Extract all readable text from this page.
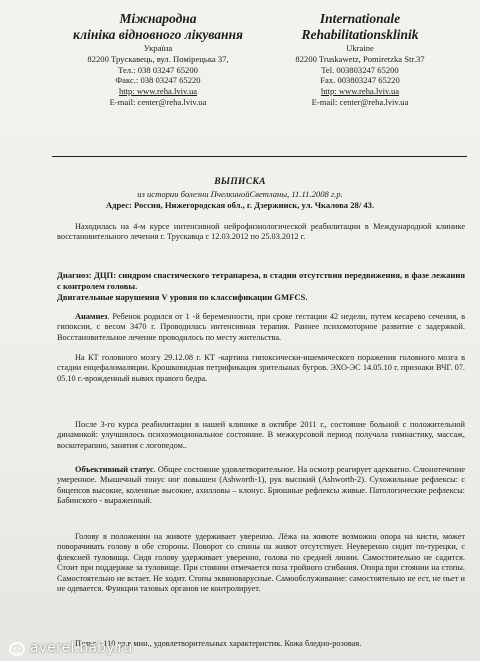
Міжнародна
клініка відновного лікування
Україна
82200 Трускавець, вул. Помірецька 37,
Тел.: 038 03247 65200
Факс.: 038 03247 65220
http: www.reha.lviv.ua
E-mail: center@reha.lviv.ua
Internationale
Rehabilitationsklinik
Ukraine
82200 Truskawetz, Pomiretzka Str.37
Tel. 003803247 65200
Fax. 003803247 65220
http: www.reha.lviv.ua
E-mail: center@reha.lviv.ua
ВЫПИСКА
из истории болезни ПчелкинойСветланы, 11.11.2008 г.р.
Адрес: Россия, Нижегородская обл., г. Дзержинск, ул. Чкалова 28/ 43.
Находилась на 4-м курсе интенсивной нейрофизиологической реабилитации в Международной клинике восстановительного лечения г. Трускавца с 12.03.2012 по 25.03.2012 г.
Диагноз: ДЦП: синдром спастического тетрапареза, в стадии отсутствия передвижения, в фазе лежания с контролем головы.
Двигательные нарушения V уровня по классификации GMFCS.
Анамнез. Ребенок родился от 1 -й беременности, при сроке гестации 42 недели, путем кесарево сечения, в гипоксии, с весом 3470 г. Проводилась интенсивная терапия. Раннее психомоторное развитие с задержкой. Восстановительное лечение проводилось по месту жительства.
На КТ головного мозгу 29.12.08 г. КТ -картина гипоксически-ишемического поражения головного мозга в стадии енцефаломаляции. Крошковидная петрификация зрительных бугров. ЭХО-ЭС 14.05.10 г. признаки ВЧГ. 07. 05.10 г.-врожденный вывих правого бедра.
После 3-го курса реабилитации в нашей клинике в октябре 2011 г., состояние больной с положительной динамикой: улучшилось психоэмоциональное состояние. В межкурсовой период получала гимнастику, массаж, воскотерапию, занятия с логопедом..
Объективный статус. Общее состояние удовлетворительное. На осмотр реагирует адекватно. Слюнотечение умеренное. Мышечный тонус ног повышен (Ashworth-1), рук высокий (Ashworth-2). Сухожильные рефлексы: с бицепсов высокие, коленные высокие, ахилловы – клонус. Брюшные рефлексы живые. Патологические рефлексы: Бабинского - выраженный.
Голову в положении на животе удерживает уверенно. Лёжа на животе возможна опора на кисти, может поворачивать голову в обе стороны. Поворот со спины на живот отсутствует. Неуверенно сидит по-турецки, с флексией туловища. Сидя голову удерживает уверенно, голова по средней линии. Самостоятельно не садится. Стоит при поддержке за туловище. При стоянии отмечается поза тройного сгибания. Опора при стоянии на стопы. Самостоятельно не встает. Не ходит. Стопы эквиноварусные. Самообслуживание: самостоятельно не ест, не пьет и не одевается. Функции тазовых органов не контролирует.
Пульс - 110 уд.в мин., удовлетворительных характеристик. Кожа бледно-розовая.
averel.baby.ru
